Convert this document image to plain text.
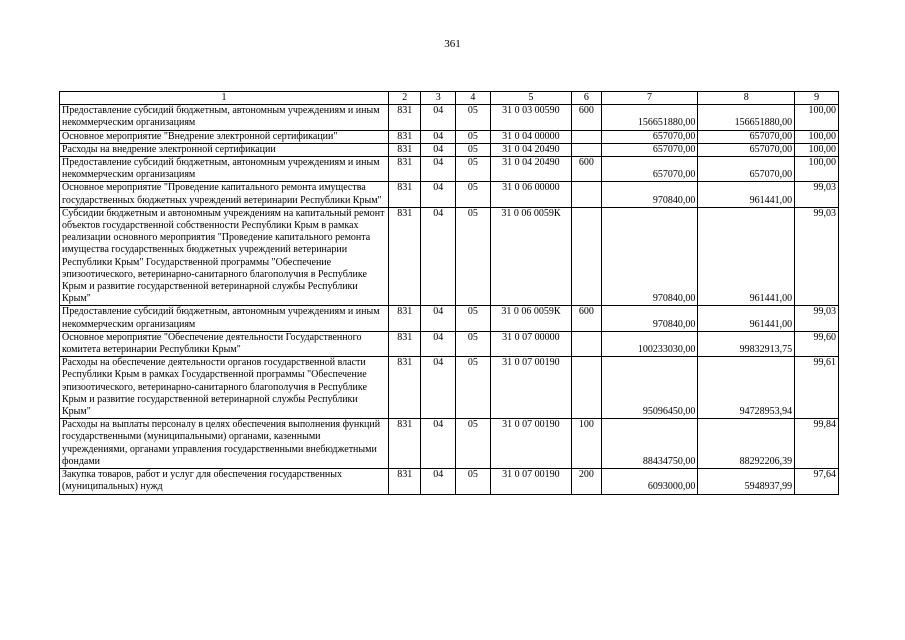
361
1	2	3	4	5	6	7	8	9
Предоставление субсидий бюджетным, автономным учреждениям и иным некоммерческим организациям	831	04	05	31 0 03 00590	600	156651880,00	156651880,00	100,00
Основное мероприятие "Внедрение электронной сертификации"	831	04	05	31 0 04 00000		657070,00	657070,00	100,00
Расходы на внедрение электронной сертификации	831	04	05	31 0 04 20490		657070,00	657070,00	100,00
Предоставление субсидий бюджетным, автономным учреждениям и иным некоммерческим организациям	831	04	05	31 0 04 20490	600	657070,00	657070,00	100,00
Основное мероприятие "Проведение капитального ремонта имущества государственных бюджетных учреждений ветеринарии Республики Крым"	831	04	05	31 0 06 00000		970840,00	961441,00	99,03
Субсидии бюджетным и автономным учреждениям на капитальный ремонт объектов государственной собственности Республики Крым в рамках реализации основного мероприятия "Проведение капитального ремонта имущества государственных бюджетных учреждений ветеринарии Республики Крым" Государственной программы "Обеспечение эпизоотического, ветеринарно-санитарного благополучия в Республике Крым и развитие государственной ветеринарной службы Республики Крым"	831	04	05	31 0 06 0059К		970840,00	961441,00	99,03
Предоставление субсидий бюджетным, автономным учреждениям и иным некоммерческим организациям	831	04	05	31 0 06 0059К	600	970840,00	961441,00	99,03
Основное мероприятие "Обеспечение деятельности Государственного комитета ветеринарии Республики Крым"	831	04	05	31 0 07 00000		100233030,00	99832913,75	99,60
Расходы на обеспечение деятельности органов государственной власти Республики Крым в рамках Государственной программы "Обеспечение эпизоотического, ветеринарно-санитарного благополучия в Республике Крым и развитие государственной ветеринарной службы Республики Крым"	831	04	05	31 0 07 00190		95096450,00	94728953,94	99,61
Расходы на выплаты персоналу в целях обеспечения выполнения функций государственными (муниципальными) органами, казенными учреждениями, органами управления государственными внебюджетными фондами	831	04	05	31 0 07 00190	100	88434750,00	88292206,39	99,84
Закупка товаров, работ и услуг для обеспечения государственных (муниципальных) нужд	831	04	05	31 0 07 00190	200	6093000,00	5948937,99	97,64
